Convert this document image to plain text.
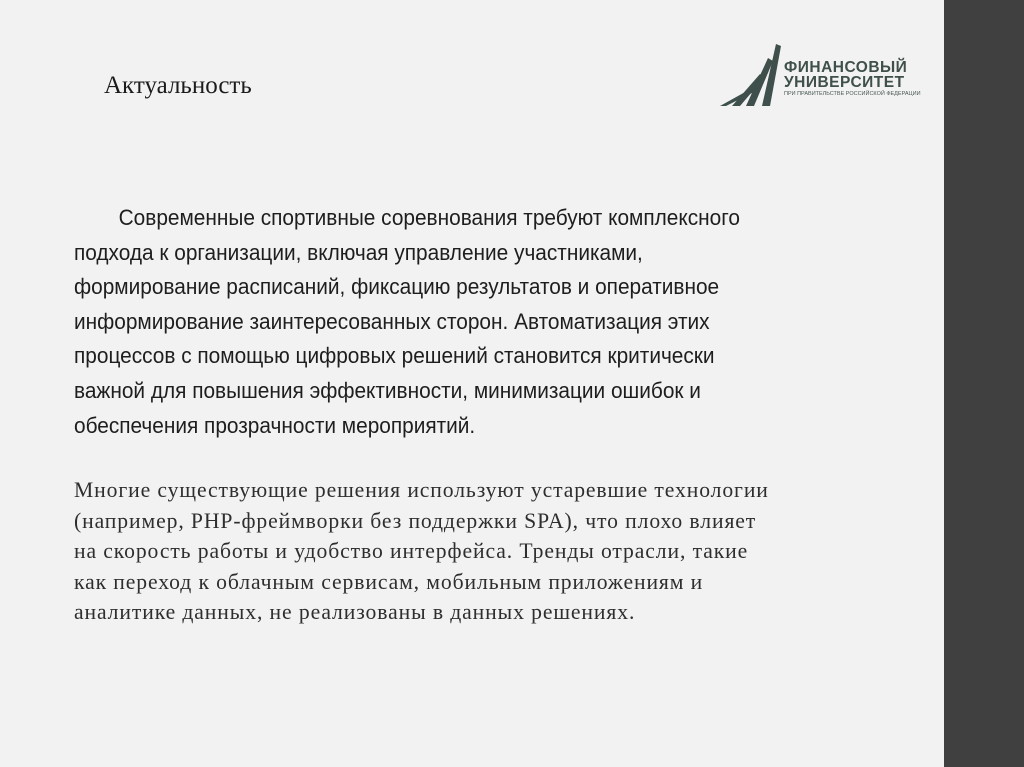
Актуальность
ФИНАНСОВЫЙ
УНИВЕРСИТЕТ
ПРИ ПРАВИТЕЛЬСТВЕ РОССИЙСКОЙ ФЕДЕРАЦИИ

Современные спортивные соревнования требуют комплексного
подхода к организации, включая управление участниками,
формирование расписаний, фиксацию результатов и оперативное
информирование заинтересованных сторон. Автоматизация этих
процессов с помощью цифровых решений становится критически
важной для повышения эффективности, минимизации ошибок и
обеспечения прозрачности мероприятий.

Многие существующие решения используют устаревшие технологии
(например, PHP-фреймворки без поддержки SPA), что плохо влияет
на скорость работы и удобство интерфейса. Тренды отрасли, такие
как переход к облачным сервисам, мобильным приложениям и
аналитике данных, не реализованы в данных решениях.
